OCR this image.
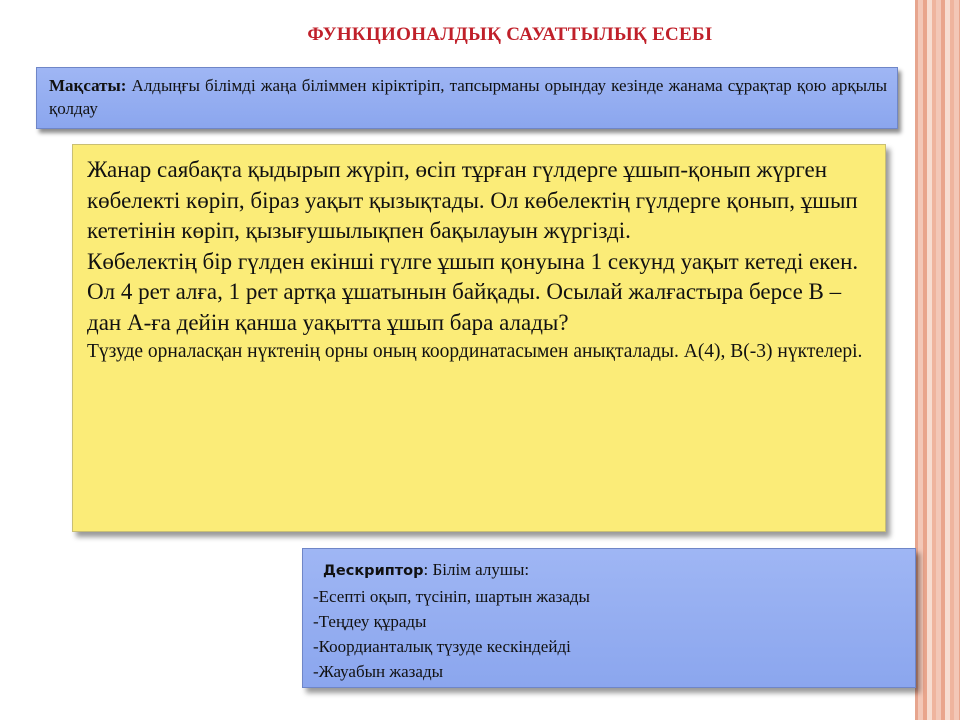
ФУНКЦИОНАЛДЫҚ САУАТТЫЛЫҚ ЕСЕБІ
Мақсаты: Алдыңғы білімді жаңа біліммен кіріктіріп, тапсырманы орындау кезінде жанама сұрақтар қою арқылы қолдау

Жанар саябақта қыдырып жүріп, өсіп тұрған гүлдерге ұшып-қонып жүрген көбелекті көріп, біраз уақыт қызықтады. Ол көбелектің гүлдерге қонып, ұшып кететінін көріп, қызығушылықпен бақылауын жүргізді.

Көбелектің бір гүлден екінші гүлге ұшып қонуына 1 секунд уақыт кетеді екен. Ол 4 рет алға, 1 рет артқа ұшатынын байқады. Осылай жалғастыра берсе В –дан А-ға дейін қанша уақытта ұшып бара алады?

Түзуде орналасқан нүктенің орны оның координатасымен анықталады. А(4), В(-3) нүктелері.

Дескриптор: Білім алушы:

-Есепті оқып, түсініп, шартын жазады

-Теңдеу құрады

-Коордианталық түзуде кескіндейді

-Жауабын жазады
